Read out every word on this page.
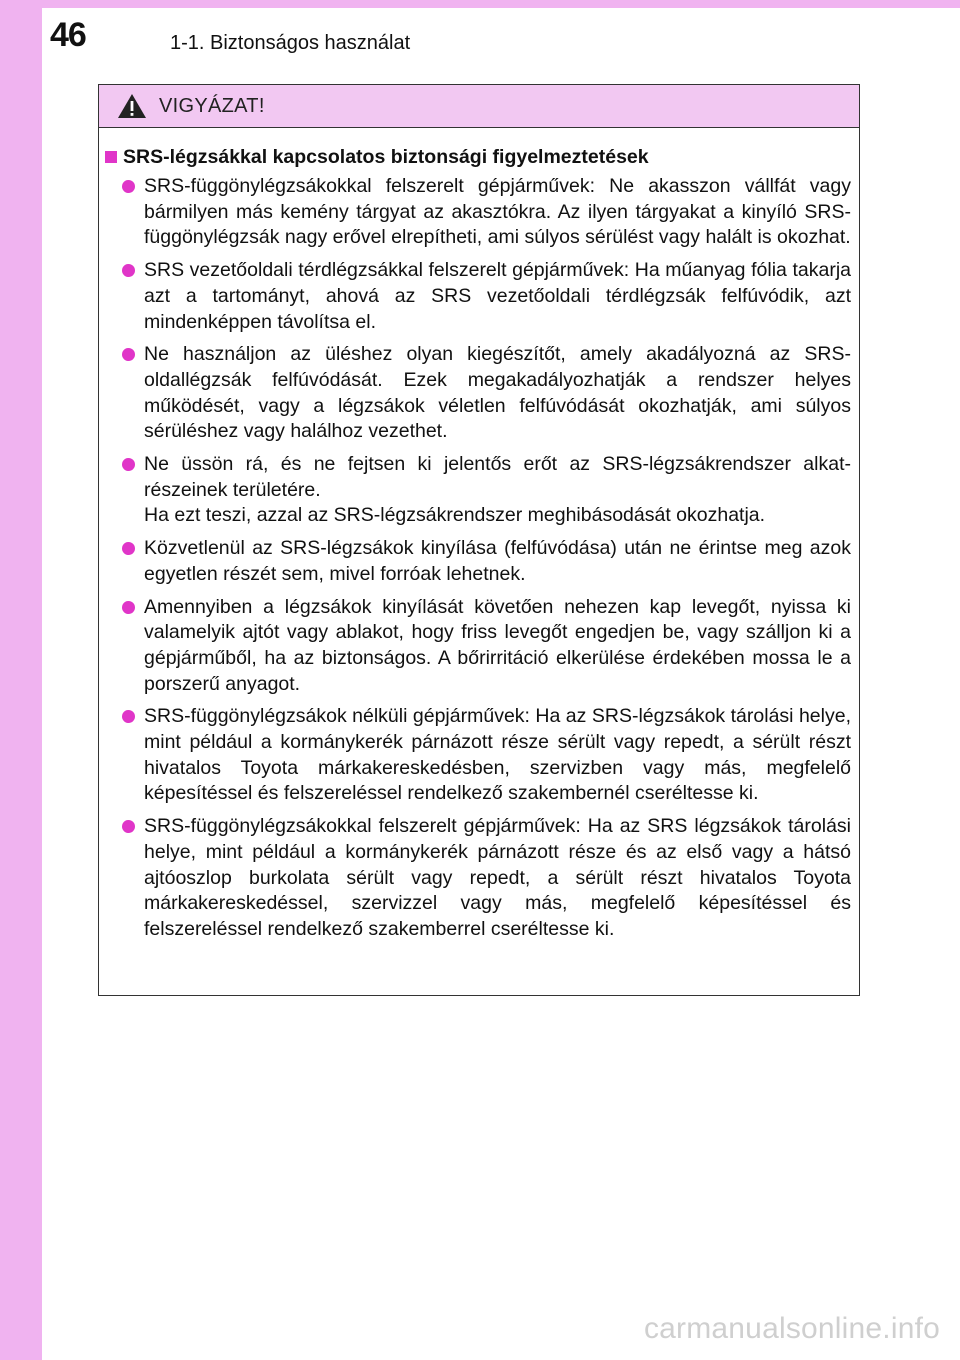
46	1-1. Biztonságos használat
VIGYÁZAT!
SRS-légzsákkal kapcsolatos biztonsági figyelmeztetések

SRS-függönylégzsákokkal felszerelt gépjárművek: Ne akasszon vállfát vagy bármilyen más kemény tárgyat az akasztókra. Az ilyen tárgyakat a kinyíló SRS-függönylégzsák nagy erővel elrepítheti, ami súlyos sérülést vagy halált is okozhat.

SRS vezetőoldali térdlégzsákkal felszerelt gépjárművek: Ha műanyag fólia takarja azt a tartományt, ahová az SRS vezetőoldali térdlégzsák felfúvódik, azt mindenképpen távolítsa el.

Ne használjon az üléshez olyan kiegészítőt, amely akadályozná az SRS-oldallégzsák felfúvódását. Ezek megakadályozhatják a rendszer helyes működését, vagy a légzsákok véletlen felfúvódását okozhatják, ami súlyos sérüléshez vagy halálhoz vezethet.

Ne üssön rá, és ne fejtsen ki jelentős erőt az SRS-légzsákrendszer alkatrészeinek területére.

Ha ezt teszi, azzal az SRS-légzsákrendszer meghibásodását okozhatja.

Közvetlenül az SRS-légzsákok kinyílása (felfúvódása) után ne érintse meg azok egyetlen részét sem, mivel forróak lehetnek.

Amennyiben a légzsákok kinyílását követően nehezen kap levegőt, nyissa ki valamelyik ajtót vagy ablakot, hogy friss levegőt engedjen be, vagy szálljon ki a gépjárműből, ha az biztonságos. A bőrirritáció elkerülése érdekében mossa le a porszerű anyagot.

SRS-függönylégzsákok nélküli gépjárművek: Ha az SRS-légzsákok tárolási helye, mint például a kormánykerék párnázott része sérült vagy repedt, a sérült részt hivatalos Toyota márkakereskedésben, szervizben vagy más, megfelelő képesítéssel és felszereléssel rendelkező szakembernél cseréltesse ki.

SRS-függönylégzsákokkal felszerelt gépjárművek: Ha az SRS légzsákok tárolási helye, mint például a kormánykerék párnázott része és az első vagy a hátsó ajtóoszlop burkolata sérült vagy repedt, a sérült részt hivatalos Toyota márkakereskedéssel, szervizzel vagy más, megfelelő képesítéssel és felszereléssel rendelkező szakemberrel cseréltesse ki.

carmanualsonline.info
